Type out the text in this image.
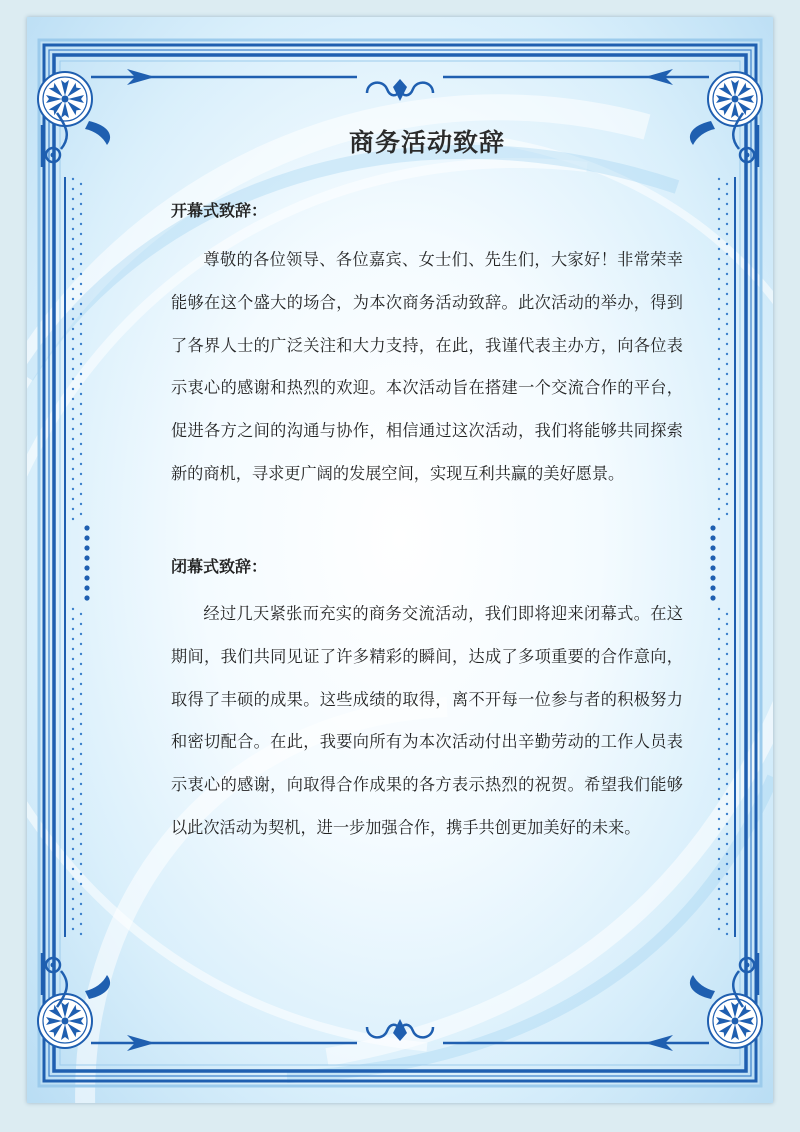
商务活动致辞
开幕式致辞：

尊敬的各位领导、各位嘉宾、女士们、先生们，大家好！非常荣幸能够在这个盛大的场合，为本次商务活动致辞。此次活动的举办，得到了各界人士的广泛关注和大力支持，在此，我谨代表主办方，向各位表示衷心的感谢和热烈的欢迎。本次活动旨在搭建一个交流合作的平台，促进各方之间的沟通与协作，相信通过这次活动，我们将能够共同探索新的商机，寻求更广阔的发展空间，实现互利共赢的美好愿景。

闭幕式致辞：

经过几天紧张而充实的商务交流活动，我们即将迎来闭幕式。在这期间，我们共同见证了许多精彩的瞬间，达成了多项重要的合作意向，取得了丰硕的成果。这些成绩的取得，离不开每一位参与者的积极努力和密切配合。在此，我要向所有为本次活动付出辛勤劳动的工作人员表示衷心的感谢，向取得合作成果的各方表示热烈的祝贺。希望我们能够以此次活动为契机，进一步加强合作，携手共创更加美好的未来。
